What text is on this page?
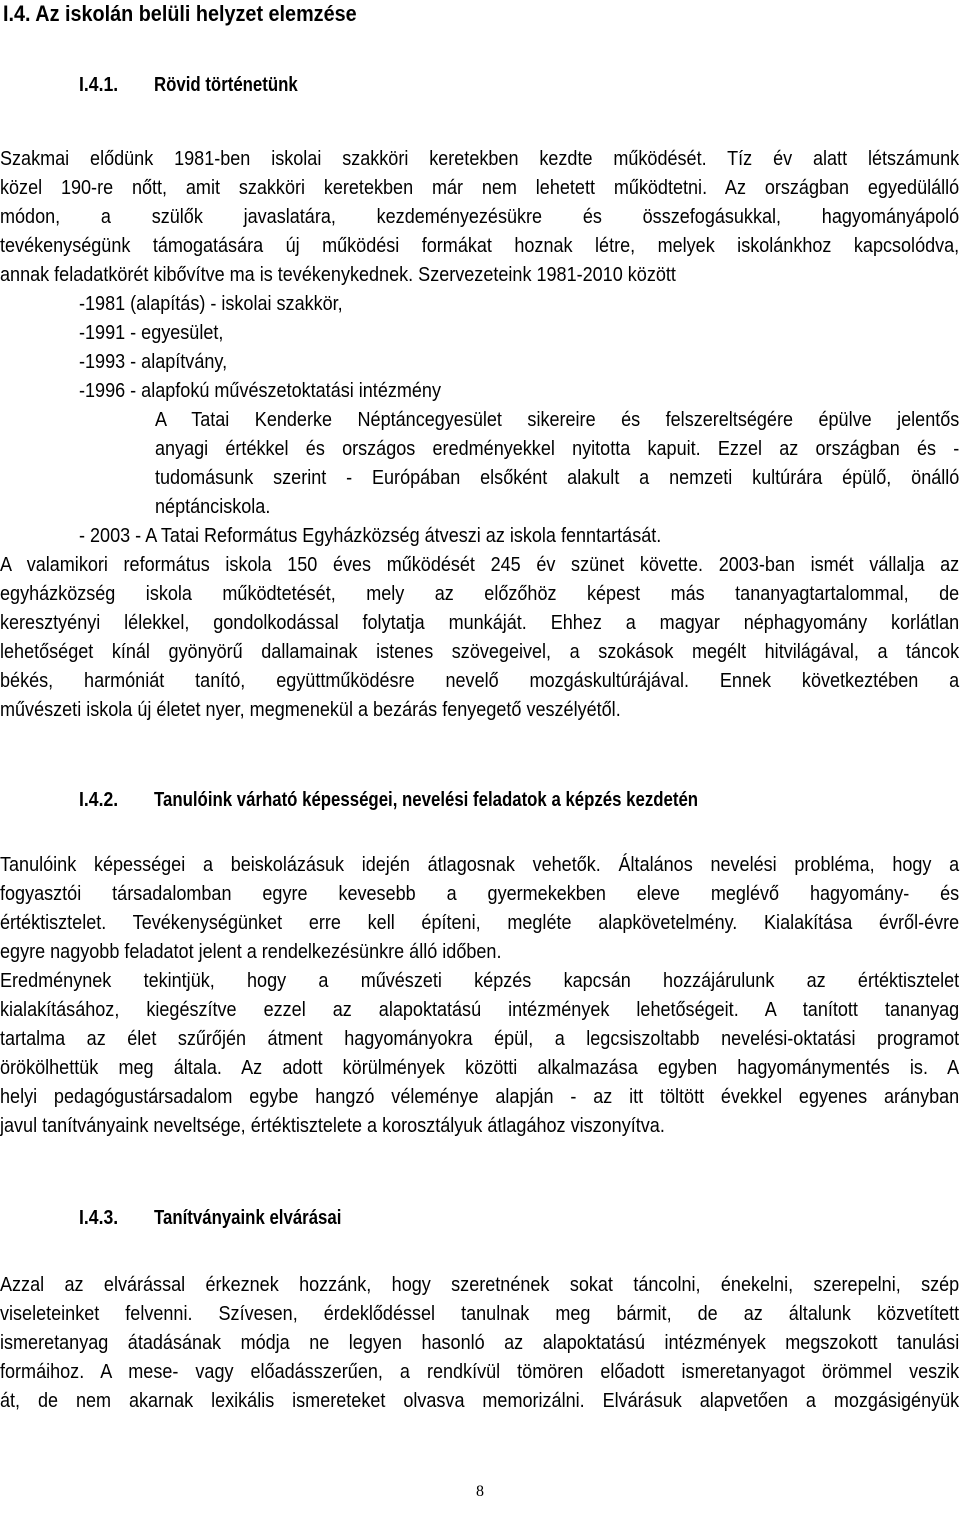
I.4. Az iskolán belüli helyzet elemzése
I.4.1. Rövid történetünk
Szakmai elődünk 1981-ben iskolai szakköri keretekben kezdte működését. Tíz év alatt létszámunk
közel 190-re nőtt, amit szakköri keretekben már nem lehetett működtetni. Az országban egyedülálló
módon, a szülők javaslatára, kezdeményezésükre és összefogásukkal, hagyományápoló
tevékenységünk támogatására új működési formákat hoznak létre, melyek iskolánkhoz kapcsolódva,
annak feladatkörét kibővítve ma is tevékenykednek. Szervezeteink 1981-2010 között
-1981 (alapítás) - iskolai szakkör,
-1991 - egyesület,
-1993 - alapítvány,
-1996 - alapfokú művészetoktatási intézmény
A Tatai Kenderke Néptáncegyesület sikereire és felszereltségére épülve jelentős
anyagi értékkel és országos eredményekkel nyitotta kapuit. Ezzel az országban és -
tudomásunk szerint - Európában elsőként alakult a nemzeti kultúrára épülő, önálló
néptánciskola.
- 2003 - A Tatai Református Egyházközség átveszi az iskola fenntartását.
A valamikori református iskola 150 éves működését 245 év szünet követte. 2003-ban ismét vállalja az
egyházközség iskola működtetését, mely az előzőhöz képest más tananyagtartalommal, de
keresztyényi lélekkel, gondolkodással folytatja munkáját. Ehhez a magyar néphagyomány korlátlan
lehetőséget kínál gyönyörű dallamainak istenes szövegeivel, a szokások megélt hitvilágával, a táncok
békés, harmóniát tanító, együttműködésre nevelő mozgáskultúrájával. Ennek következtében a
művészeti iskola új életet nyer, megmenekül a bezárás fenyegető veszélyétől.
I.4.2. Tanulóink várható képességei, nevelési feladatok a képzés kezdetén
Tanulóink képességei a beiskolázásuk idején átlagosnak vehetők. Általános nevelési probléma, hogy a
fogyasztói társadalomban egyre kevesebb a gyermekekben eleve meglévő hagyomány- és
értéktisztelet. Tevékenységünket erre kell építeni, megléte alapkövetelmény. Kialakítása évről-évre
egyre nagyobb feladatot jelent a rendelkezésünkre álló időben.
Eredménynek tekintjük, hogy a művészeti képzés kapcsán hozzájárulunk az értéktisztelet
kialakításához, kiegészítve ezzel az alapoktatású intézmények lehetőségeit. A tanított tananyag
tartalma az élet szűrőjén átment hagyományokra épül, a legcsiszoltabb nevelési-oktatási programot
örökölhettük meg általa. Az adott körülmények közötti alkalmazása egyben hagyománymentés is. A
helyi pedagógustársadalom egybe hangzó véleménye alapján - az itt töltött évekkel egyenes arányban
javul tanítványaink neveltsége, értéktiszteletе a korosztályuk átlagához viszonyítva.
I.4.3. Tanítványaink elvárásai
Azzal az elvárással érkeznek hozzánk, hogy szeretnének sokat táncolni, énekelni, szerepelni, szép
viseleteinket felvenni. Szívesen, érdeklődéssel tanulnak meg bármit, de az általunk közvetített
ismeretanyag átadásának módja ne legyen hasonló az alapoktatású intézmények megszokott tanulási
formáihoz. A mese- vagy előadásszerűen, a rendkívül tömören előadott ismeretanyagot örömmel veszik
át, de nem akarnak lexikális ismereteket olvasva memorizálni. Elvárásuk alapvetően a mozgásigényük
8
